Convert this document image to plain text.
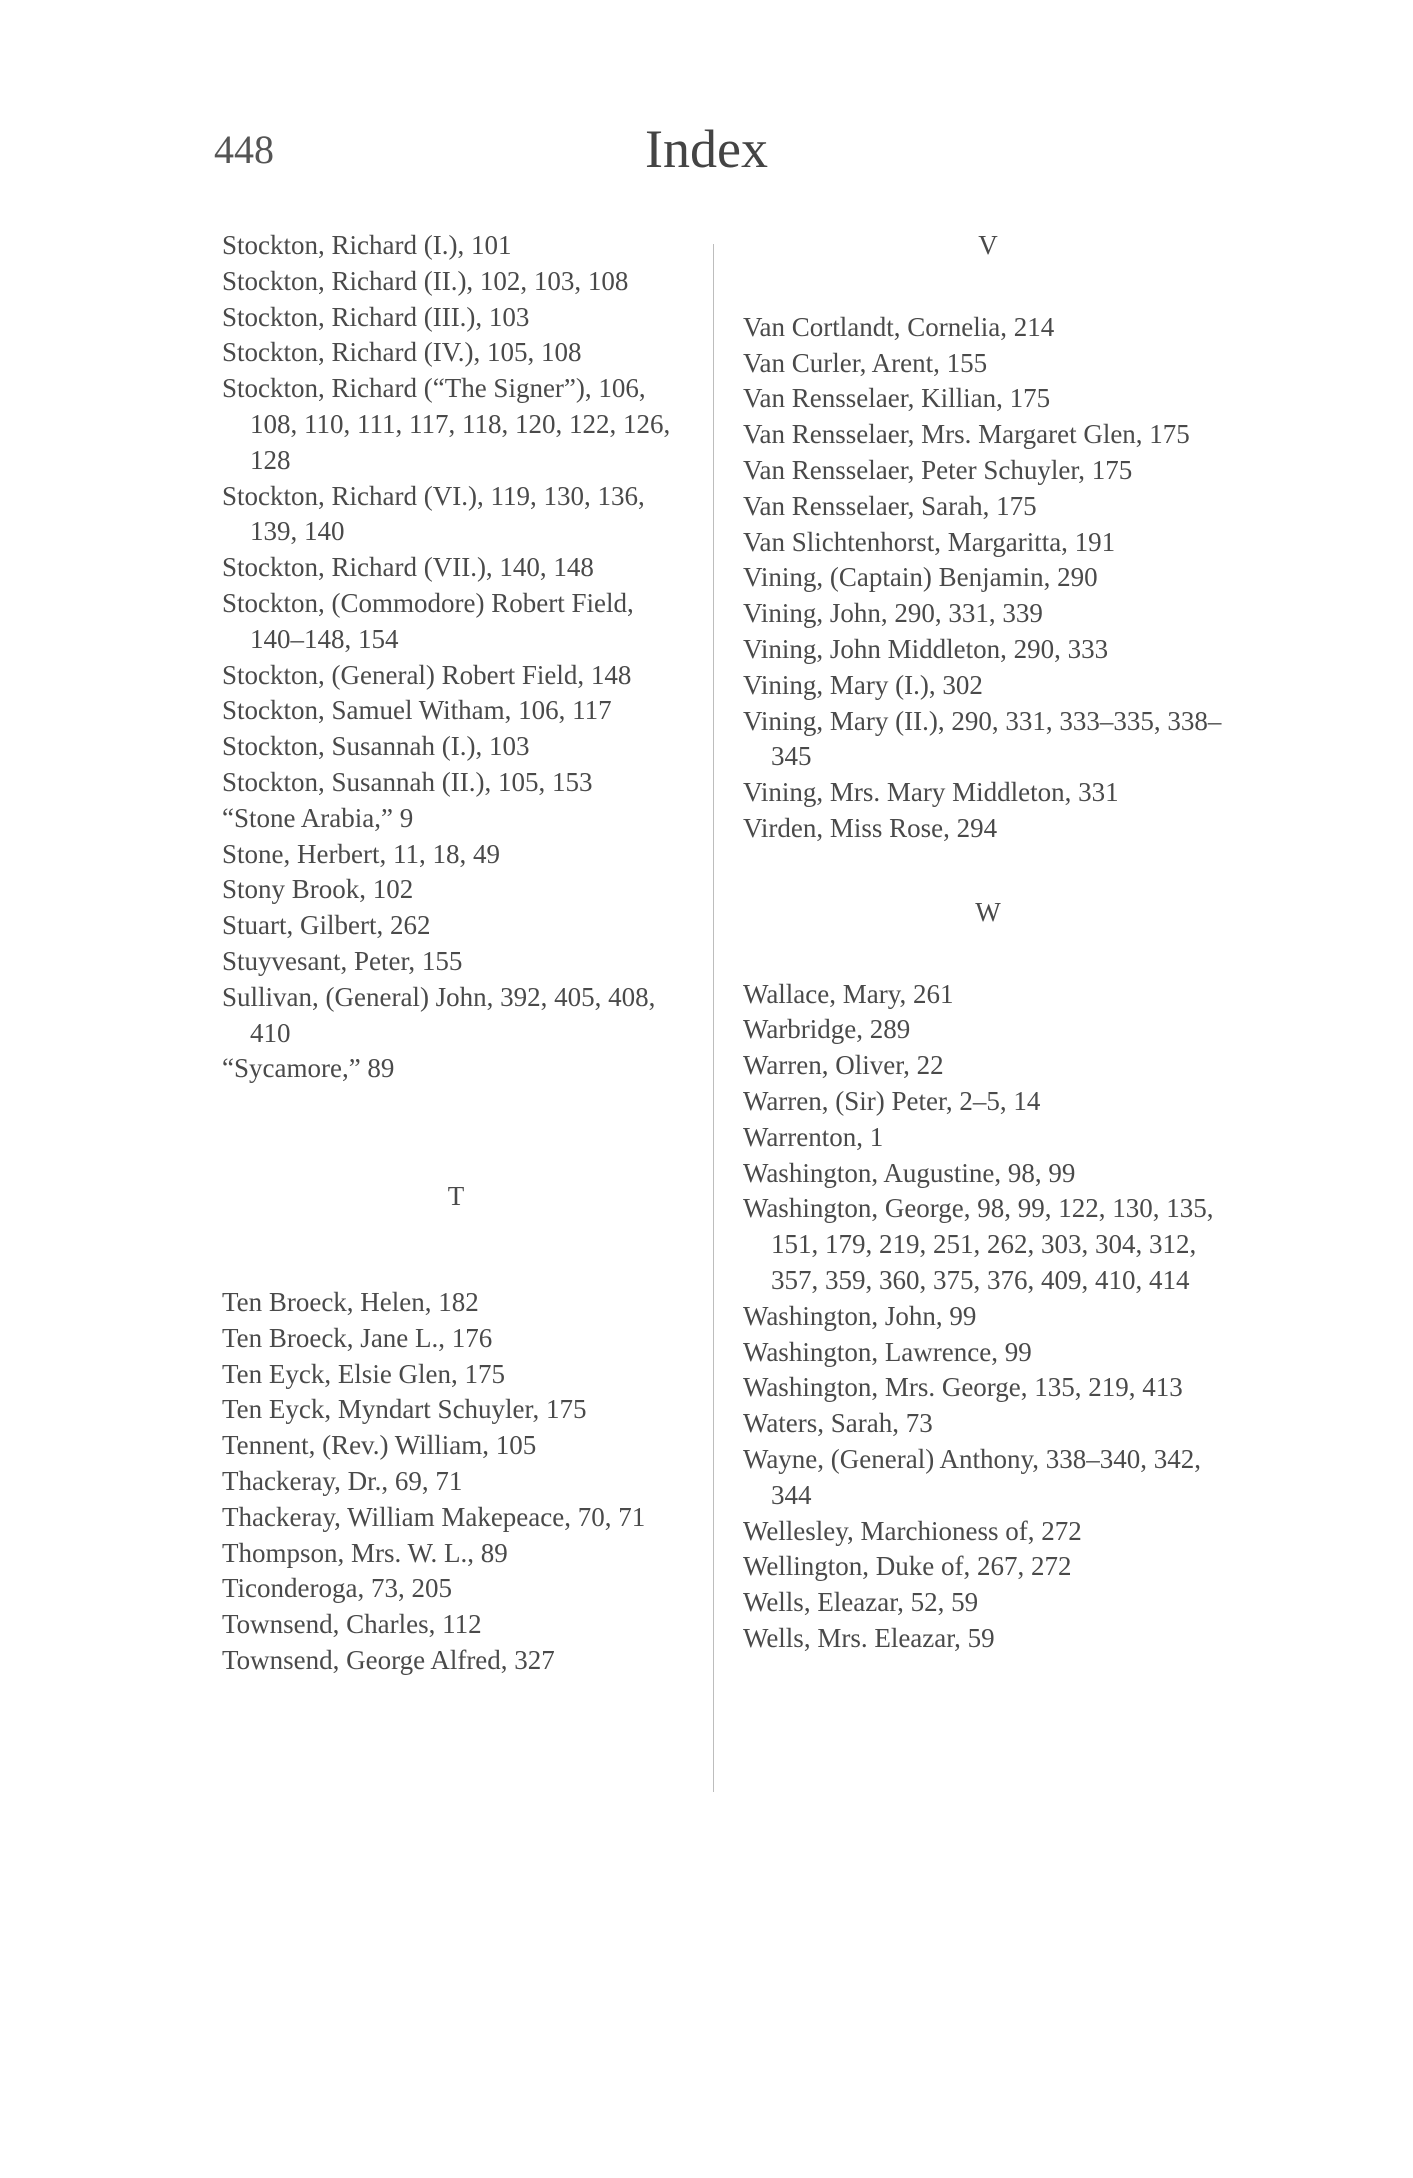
448	Index

Stockton, Richard (I.), 101

Stockton, Richard (II.), 102, 103, 108

Stockton, Richard (III.), 103

Stockton, Richard (IV.), 105, 108

Stockton, Richard (“The Signer”), 106, 108, 110, 111, 117, 118, 120, 122, 126, 128

Stockton, Richard (VI.), 119, 130, 136, 139, 140

Stockton, Richard (VII.), 140, 148

Stockton, (Commodore) Robert Field, 140–148, 154

Stockton, (General) Robert Field, 148

Stockton, Samuel Witham, 106, 117

Stockton, Susannah (I.), 103

Stockton, Susannah (II.), 105, 153

“Stone Arabia,” 9

Stone, Herbert, 11, 18, 49

Stony Brook, 102

Stuart, Gilbert, 262

Stuyvesant, Peter, 155

Sullivan, (General) John, 392, 405, 408, 410

“Sycamore,” 89

T

Ten Broeck, Helen, 182

Ten Broeck, Jane L., 176

Ten Eyck, Elsie Glen, 175

Ten Eyck, Myndart Schuyler, 175

Tennent, (Rev.) William, 105

Thackeray, Dr., 69, 71

Thackeray, William Makepeace, 70, 71

Thompson, Mrs. W. L., 89

Ticonderoga, 73, 205

Townsend, Charles, 112

Townsend, George Alfred, 327

V

Van Cortlandt, Cornelia, 214

Van Curler, Arent, 155

Van Rensselaer, Killian, 175

Van Rensselaer, Mrs. Margaret Glen, 175

Van Rensselaer, Peter Schuyler, 175

Van Rensselaer, Sarah, 175

Van Slichtenhorst, Margaritta, 191

Vining, (Captain) Benjamin, 290

Vining, John, 290, 331, 339

Vining, John Middleton, 290, 333

Vining, Mary (I.), 302

Vining, Mary (II.), 290, 331, 333–335, 338–345

Vining, Mrs. Mary Middleton, 331

Virden, Miss Rose, 294

W

Wallace, Mary, 261

Warbridge, 289

Warren, Oliver, 22

Warren, (Sir) Peter, 2–5, 14

Warrenton, 1

Washington, Augustine, 98, 99

Washington, George, 98, 99, 122, 130, 135, 151, 179, 219, 251, 262, 303, 304, 312, 357, 359, 360, 375, 376, 409, 410, 414

Washington, John, 99

Washington, Lawrence, 99

Washington, Mrs. George, 135, 219, 413

Waters, Sarah, 73

Wayne, (General) Anthony, 338–340, 342, 344

Wellesley, Marchioness of, 272

Wellington, Duke of, 267, 272

Wells, Eleazar, 52, 59

Wells, Mrs. Eleazar, 59
